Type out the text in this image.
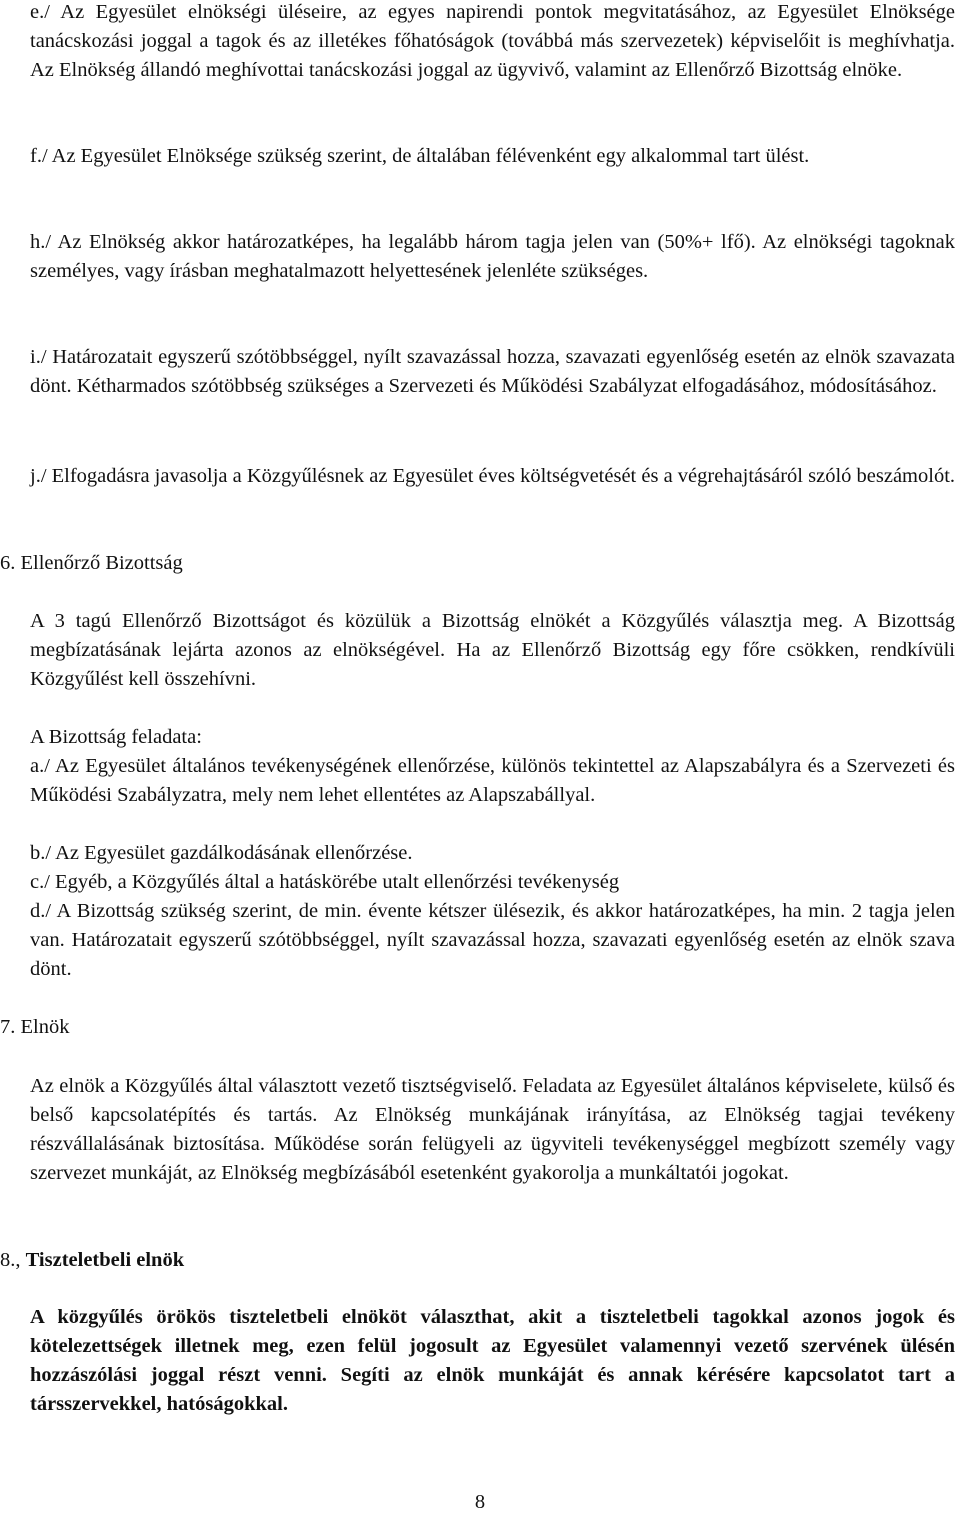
e./ Az Egyesület elnökségi üléseire, az egyes napirendi pontok megvitatásához, az Egyesület Elnöksége tanácskozási joggal a tagok és az illetékes főhatóságok (továbbá más szervezetek) képviselőit is meghívhatja. Az Elnökség állandó meghívottai tanácskozási joggal az ügyvivő, valamint az Ellenőrző Bizottság elnöke.

f./ Az Egyesület Elnöksége szükség szerint, de általában félévenként egy alkalommal tart ülést.

h./ Az Elnökség akkor határozatképes, ha legalább három tagja jelen van (50%+ lfő). Az elnökségi tagoknak személyes, vagy írásban meghatalmazott helyettesének jelenléte szükséges.

i./ Határozatait egyszerű szótöbbséggel, nyílt szavazással hozza, szavazati egyenlőség esetén az elnök szavazata dönt. Kétharmados szótöbbség szükséges a Szervezeti és Működési Szabályzat elfogadásához, módosításához.

j./ Elfogadásra javasolja a Közgyűlésnek az Egyesület éves költségvetését és a végrehajtásáról szóló beszámolót.

6. Ellenőrző Bizottság

A 3 tagú Ellenőrző Bizottságot és közülük a Bizottság elnökét a Közgyűlés választja meg. A Bizottság megbízatásának lejárta azonos az elnökségével. Ha az Ellenőrző Bizottság egy főre csökken, rendkívüli Közgyűlést kell összehívni.

A Bizottság feladata:

a./ Az Egyesület általános tevékenységének ellenőrzése, különös tekintettel az Alapszabályra és a Szervezeti és Működési Szabályzatra, mely nem lehet ellentétes az Alapszabállyal.

b./ Az Egyesület gazdálkodásának ellenőrzése.

c./ Egyéb, a Közgyűlés által a hatáskörébe utalt ellenőrzési tevékenység

d./ A Bizottság szükség szerint, de min. évente kétszer ülésezik, és akkor határozatképes, ha min. 2 tagja jelen van. Határozatait egyszerű szótöbbséggel, nyílt szavazással hozza, szavazati egyenlőség esetén az elnök szava dönt.

7. Elnök

Az elnök a Közgyűlés által választott vezető tisztségviselő. Feladata az Egyesület általános képviselete, külső és belső kapcsolatépítés és tartás. Az Elnökség munkájának irányítása, az Elnökség tagjai tevékeny részvállalásának biztosítása. Működése során felügyeli az ügyviteli tevékenységgel megbízott személy vagy szervezet munkáját, az Elnökség megbízásából esetenként gyakorolja a munkáltatói jogokat.

8., Tiszteletbeli elnök

A közgyűlés örökös tiszteletbeli elnököt választhat, akit a tiszteletbeli tagokkal azonos jogok és kötelezettségek illetnek meg, ezen felül jogosult az Egyesület valamennyi vezető szervének ülésén hozzászólási joggal részt venni. Segíti az elnök munkáját és annak kérésére kapcsolatot tart a társszervekkel, hatóságokkal.

8
